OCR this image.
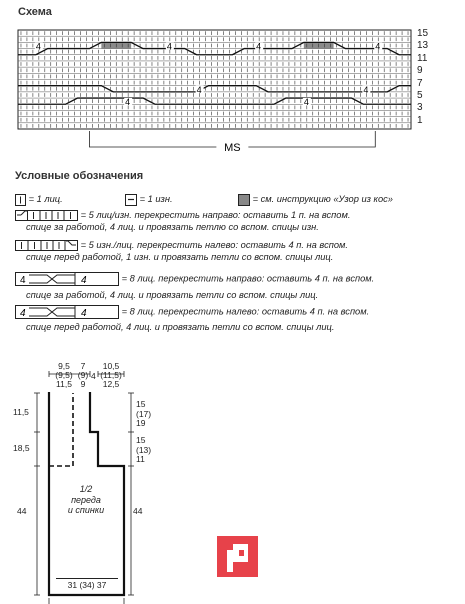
Схема
4	4	4	4
4	4
4	4
MS
15
13
11
9
7
5
3
1
Условные обозначения
= 1 лиц.	= 1 изн.	= см. инструкцию «Узор из кос»
= 5 лиц/изн. перекрестить направо: оставить 1 п. на вспом.
спице за работой, 4 лиц. и провязать петлю со вспом. спицы изн.
= 5 изн./лиц. перекрестить налево: оставить 4 п. на вспом.
спице перед работой, 1 изн. и провязать петли со вспом. спицы лиц.
4	4	= 8 лиц. перекрестить направо: оставить 4 п. на вспом.
спице за работой, 4 лиц. и провязать петли со вспом. спицы лиц.
4	4	= 8 лиц. перекрестить налево: оставить 4 п. на вспом.
спице перед работой, 4 лиц. и провязать петли со вспом. спицы лиц.
9,5
(9,5)
11,5
7
(9)
9
4
10,5
(11,5)
12,5
11,5
18,5
44
15
(17)
19
15
(13)
11
44
1/2
переда
и спинки
31 (34) 37
postila.ru
